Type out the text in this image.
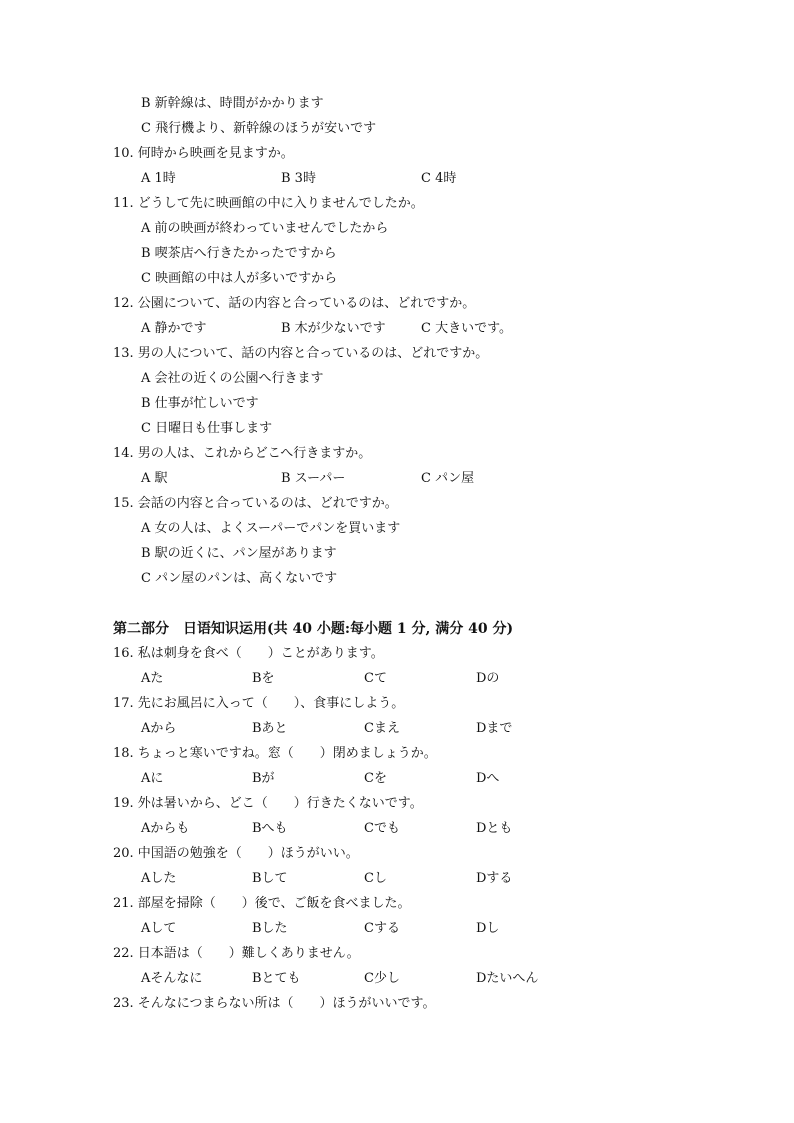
B 新幹線は、時間がかかります
C 飛行機より、新幹線のほうが安いです
10. 何時から映画を見ますか。
A 1時	B 3時	C 4時
11. どうして先に映画館の中に入りませんでしたか。
A 前の映画が終わっていませんでしたから
B 喫茶店へ行きたかったですから
C 映画館の中は人が多いですから
12. 公園について、話の内容と合っているのは、どれですか。
A 静かです	B 木が少ないです	C 大きいです。
13. 男の人について、話の内容と合っているのは、どれですか。
A 会社の近くの公園へ行きます
B 仕事が忙しいです
C 日曜日も仕事します
14. 男の人は、これからどこへ行きますか。
A 駅	B スーパー	C パン屋
15. 会話の内容と合っているのは、どれですか。
A 女の人は、よくスーパーでパンを買います
B 駅の近くに、パン屋があります
C パン屋のパンは、高くないです
第二部分　日语知识运用(共 40 小题:每小题 1 分, 满分 40 分)
16. 私は刺身を食べ（　　）ことがあります。
Aた	Bを	Cて	Dの
17. 先にお風呂に入って（　　）、食事にしよう。
Aから	Bあと	Cまえ	Dまで
18. ちょっと寒いですね。窓（　　）閉めましょうか。
Aに	Bが	Cを	Dへ
19. 外は暑いから、どこ（　　）行きたくないです。
Aからも	Bへも	Cでも	Dとも
20. 中国語の勉強を（　　）ほうがいい。
Aした	Bして	Cし	Dする
21. 部屋を掃除（　　）後で、ご飯を食べました。
Aして	Bした	Cする	Dし
22. 日本語は（　　）難しくありません。
Aそんなに	Bとても	C少し	Dたいへん
23. そんなにつまらない所は（　　）ほうがいいです。
